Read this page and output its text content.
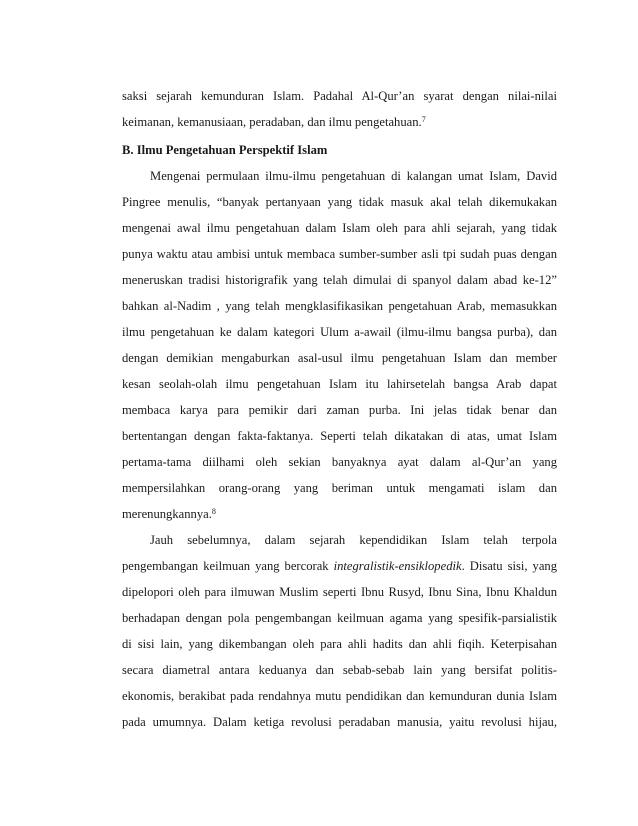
saksi sejarah kemunduran Islam. Padahal Al-Qur’an syarat dengan nilai-nilai
keimanan, kemanusiaan, peradaban, dan ilmu pengetahuan.$^7$
B. Ilmu Pengetahuan Perspektif Islam
Mengenai permulaan ilmu-ilmu pengetahuan di kalangan umat Islam, David
Pingree menulis, “banyak pertanyaan yang tidak masuk akal telah dikemukakan
mengenai awal ilmu pengetahuan dalam Islam oleh para ahli sejarah, yang tidak
punya waktu atau ambisi untuk membaca sumber-sumber asli tpi sudah puas dengan
meneruskan tradisi historigrafik yang telah dimulai di spanyol dalam abad ke-12”
bahkan al-Nadim , yang telah mengklasifikasikan pengetahuan Arab, memasukkan
ilmu pengetahuan ke dalam kategori Ulum a-awail (ilmu-ilmu bangsa purba), dan
dengan demikian mengaburkan asal-usul ilmu pengetahuan Islam dan member
kesan seolah-olah ilmu pengetahuan Islam itu lahirsetelah bangsa Arab dapat
membaca karya para pemikir dari zaman purba. Ini jelas tidak benar dan
bertentangan dengan fakta-faktanya. Seperti telah dikatakan di atas, umat Islam
pertama-tama diilhami oleh sekian banyaknya ayat dalam al-Qur’an yang
mempersilahkan orang-orang yang beriman untuk mengamati islam dan
merenungkannya.$^8$
Jauh sebelumnya, dalam sejarah kependidikan Islam telah terpola
pengembangan keilmuan yang bercorak integralistik-ensiklopedik. Disatu sisi, yang
dipelopori oleh para ilmuwan Muslim seperti Ibnu Rusyd, Ibnu Sina, Ibnu Khaldun
berhadapan dengan pola pengembangan keilmuan agama yang spesifik-parsialistik
di sisi lain, yang dikembangan oleh para ahli hadits dan ahli fiqih. Keterpisahan
secara diametral antara keduanya dan sebab-sebab lain yang bersifat politis-
ekonomis, berakibat pada rendahnya mutu pendidikan dan kemunduran dunia Islam
pada umumnya. Dalam ketiga revolusi peradaban manusia, yaitu revolusi hijau,
